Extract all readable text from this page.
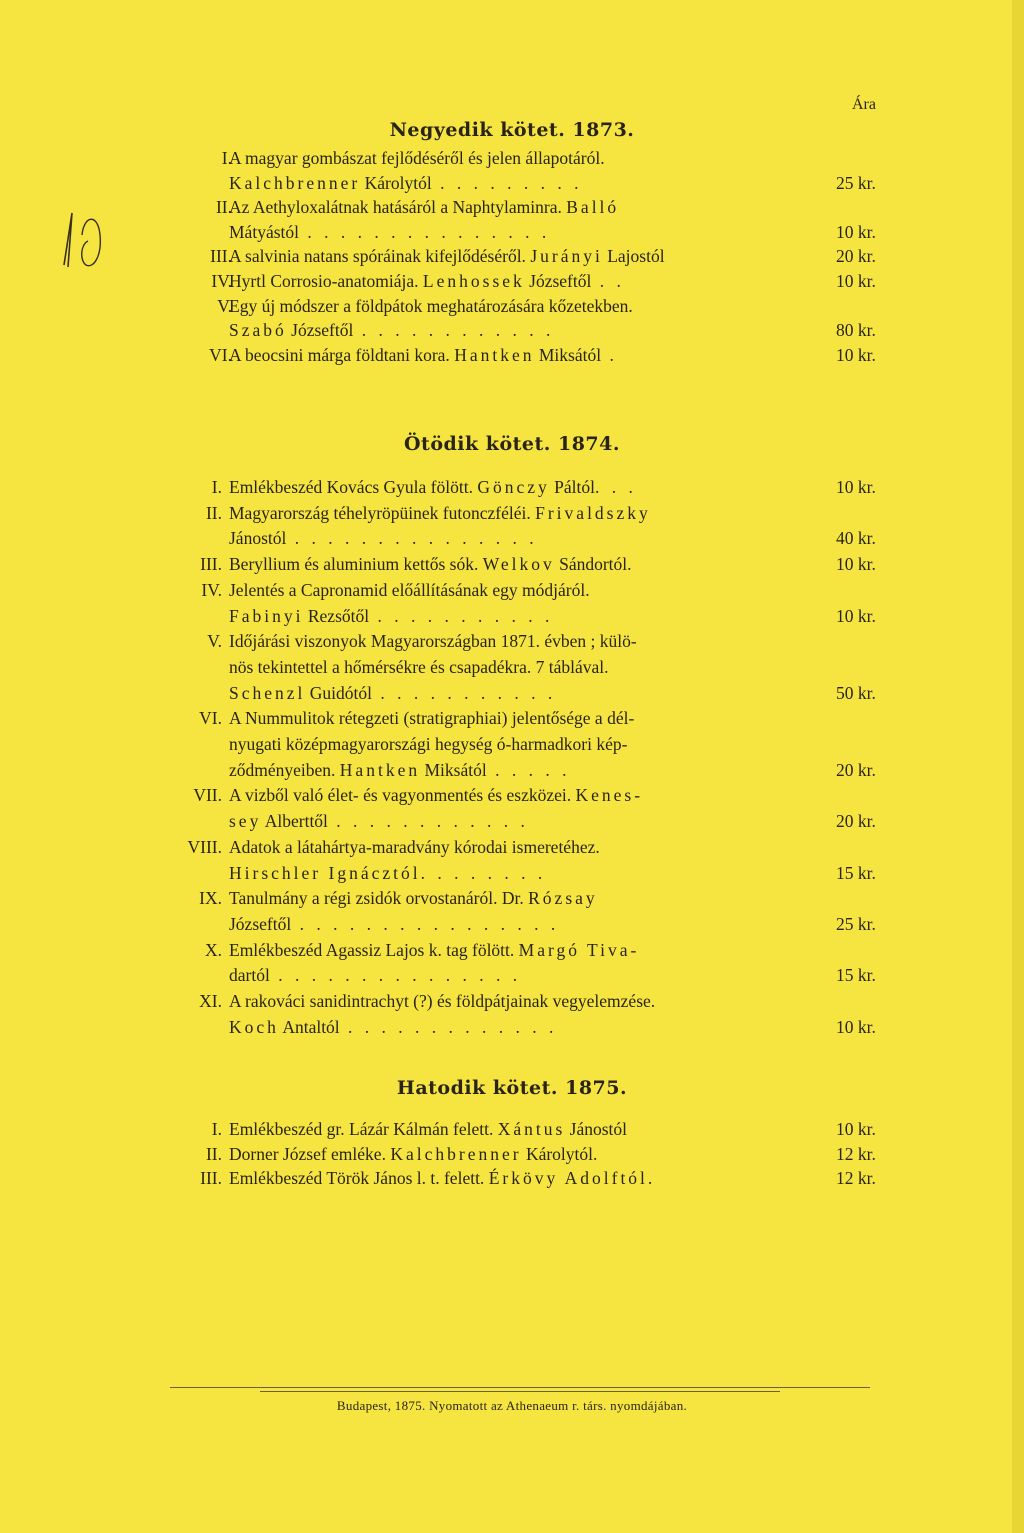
Ára
Negyedik kötet. 1873.
I.
A magyar gombászat fejlődéséről és jelen állapotáról.
Kalchbrenner Károlytól . . . . . . . . .	25 kr.
II.
Az Aethyloxalátnak hatásáról a Naphtylaminra. Balló
Mátyástól . . . . . . . . . . . . . . .	10 kr.
III.
A salvinia natans spóráinak kifejlődéséről. Jurányi Lajostól	20 kr.
IV.
Hyrtl Corrosio-anatomiája. Lenhossek Józseftől . .	10 kr.
V.
Egy új módszer a földpátok meghatározására kőzetekben.
Szabó Józseftől . . . . . . . . . . . .	80 kr.
VI.
A beocsini márga földtani kora. Hantken Miksától .	10 kr.
Ötödik kötet. 1874.
I. Emlékbeszéd Kovács Gyula fölött. Gönczy Páltól. . .	10 kr.
II. Magyarország téhelyröpüinek futonczféléi. Frivaldszky
Jánostól . . . . . . . . . . . . . . .	40 kr.
III. Beryllium és aluminium kettős sók. Welkov Sándortól.	10 kr.
IV. Jelentés a Capronamid előállításának egy módjáról.
Fabinyi Rezsőtől . . . . . . . . . . .	10 kr.
V. Időjárási viszonyok Magyarországban 1871. évben ; külö-
nös tekintettel a hőmérsékre és csapadékra. 7 táblával.
Schenzl Guidótól . . . . . . . . . . .	50 kr.
VI. A Nummulitok rétegzeti (stratigraphiai) jelentősége a dél-
nyugati középmagyarországi hegység ó-harmadkori kép-
ződményeiben. Hantken Miksától . . . . .	20 kr.
VII. A vizből való élet- és vagyonmentés és eszközei. Kenes-
sey Alberttől . . . . . . . . . . . .	20 kr.
VIII. Adatok a látahártya-maradvány kórodai ismeretéhez.
Hirschler Ignácztól. . . . . . . .	15 kr.
IX. Tanulmány a régi zsidók orvostanáról. Dr. Rózsay
Józseftől . . . . . . . . . . . . . . . .	25 kr.
X. Emlékbeszéd Agassiz Lajos k. tag fölött. Margó Tiva-
dartól . . . . . . . . . . . . . . .	15 kr.
XI. A rakováci sanidintrachyt (?) és földpátjainak vegyelemzése.
Koch Antaltól . . . . . . . . . . . . .	10 kr.
Hatodik kötet. 1875.
I. Emlékbeszéd gr. Lázár Kálmán felett. Xántus Jánostól	10 kr.
II. Dorner József emléke. Kalchbrenner Károlytól.	12 kr.
III. Emlékbeszéd Török János l. t. felett. Érkövy Adolftól.	12 kr.
Budapest, 1875. Nyomatott az Athenaeum r. társ. nyomdájában.
